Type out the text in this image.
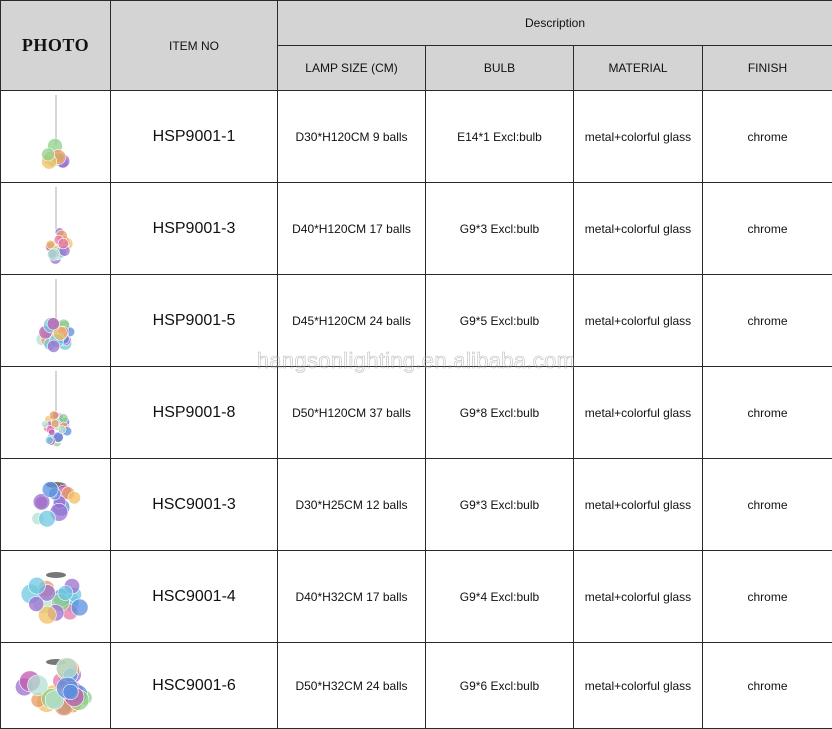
PHOTO	ITEM NO	Description			
		LAMP SIZE (CM)	BULB	MATERIAL	FINISH

	HSP9001-1	D30*H120CM 9 balls	E14*1 Excl:bulb	metal+colorful glass	chrome

	HSP9001-3	D40*H120CM 17 balls	G9*3 Excl:bulb	metal+colorful glass	chrome

	HSP9001-5	D45*H120CM 24 balls	G9*5 Excl:bulb	metal+colorful glass	chrome

	HSP9001-8	D50*H120CM 37 balls	G9*8 Excl:bulb	metal+colorful glass	chrome

	HSC9001-3	D30*H25CM 12 balls	G9*3 Excl:bulb	metal+colorful glass	chrome

	HSC9001-4	D40*H32CM 17 balls	G9*4 Excl:bulb	metal+colorful glass	chrome

	HSC9001-6	D50*H32CM 24 balls	G9*6 Excl:bulb	metal+colorful glass	chrome
hangsonlighting.en.alibaba.com
